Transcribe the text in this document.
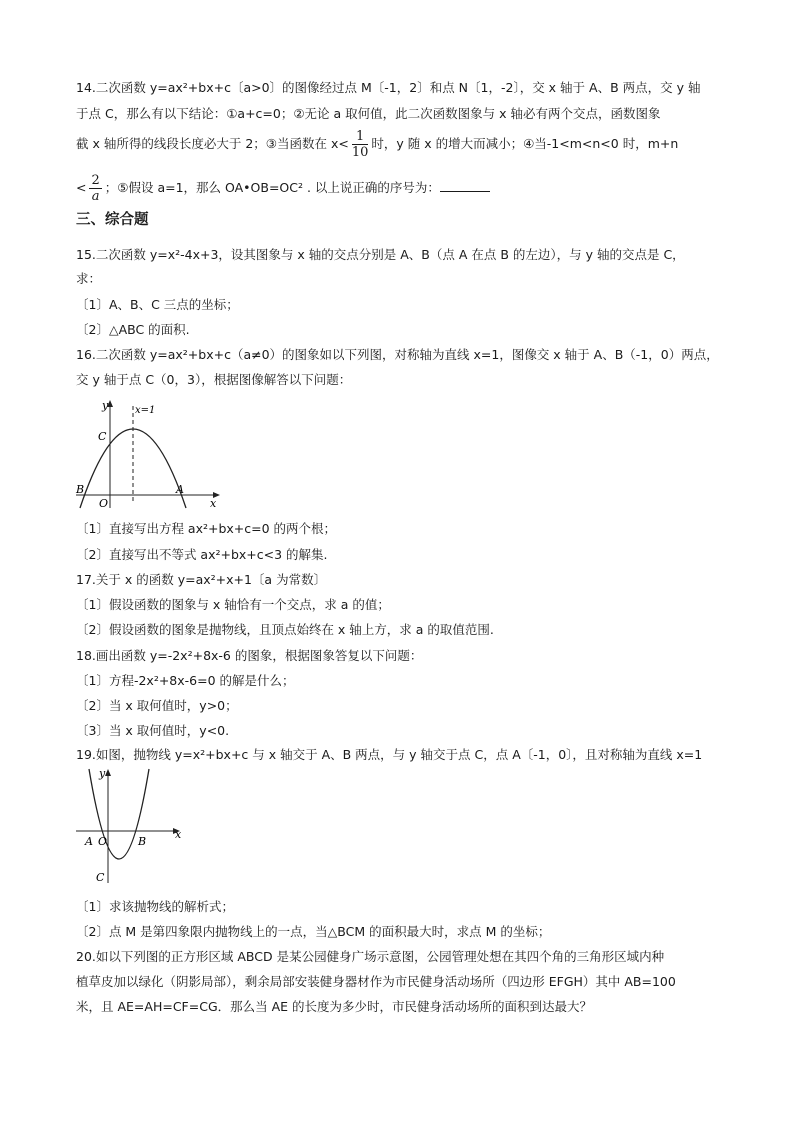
14.二次函数 y=ax²+bx+c〔a>0〕的图像经过点 M〔-1，2〕和点 N〔1，-2〕，交 x 轴于 A、B 两点，交 y 轴
于点 C，那么有以下结论：①a+c=0；②无论 a 取何值，此二次函数图象与 x 轴必有两个交点，函数图象
截 x 轴所得的线段长度必大于 2；③当函数在 $x< \frac{1}{10}$ 时，y 随 x 的增大而减小；④当-1<m<n<0 时，m+n
< $\frac{2}{a}$ ；⑤假设 a=1，那么 OA•OB=OC² . 以上说正确的序号为：
三、综合题
15.二次函数 y=x²-4x+3，设其图象与 x 轴的交点分别是 A、B（点 A 在点 B 的左边），与 y 轴的交点是 C，
求：
〔1〕A、B、C 三点的坐标；
〔2〕△ABC 的面积.
16.二次函数 y=ax²+bx+c（a≠0）的图象如以下列图，对称轴为直线 x=1，图像交 x 轴于 A、B（-1，0）两点，
交 y 轴于点 C（0，3），根据图像解答以下问题：
y
x
x=1
C
B
O
A
〔1〕直接写出方程 ax²+bx+c=0 的两个根；
〔2〕直接写出不等式 ax²+bx+c<3 的解集.
17.关于 x 的函数 y=ax²+x+1〔a 为常数〕
〔1〕假设函数的图象与 x 轴恰有一个交点，求 a 的值；
〔2〕假设函数的图象是抛物线，且顶点始终在 x 轴上方，求 a 的取值范围.
18.画出函数 y=-2x²+8x-6 的图象，根据图象答复以下问题：
〔1〕方程-2x²+8x-6=0 的解是什么；
〔2〕当 x 取何值时，y>0；
〔3〕当 x 取何值时，y<0.
19.如图，抛物线 y=x²+bx+c 与 x 轴交于 A、B 两点，与 y 轴交于点 C，点 A〔-1，0〕，且对称轴为直线 x=1
y
x
A O	B
C
〔1〕求该抛物线的解析式；
〔2〕点 M 是第四象限内抛物线上的一点，当△BCM 的面积最大时，求点 M 的坐标；
20.如以下列图的正方形区域 ABCD 是某公园健身广场示意图，公园管理处想在其四个角的三角形区域内种
植草皮加以绿化（阴影局部），剩余局部安装健身器材作为市民健身活动场所（四边形 EFGH）其中 AB=100
米，且 AE=AH=CF=CG．那么当 AE 的长度为多少时，市民健身活动场所的面积到达最大？
